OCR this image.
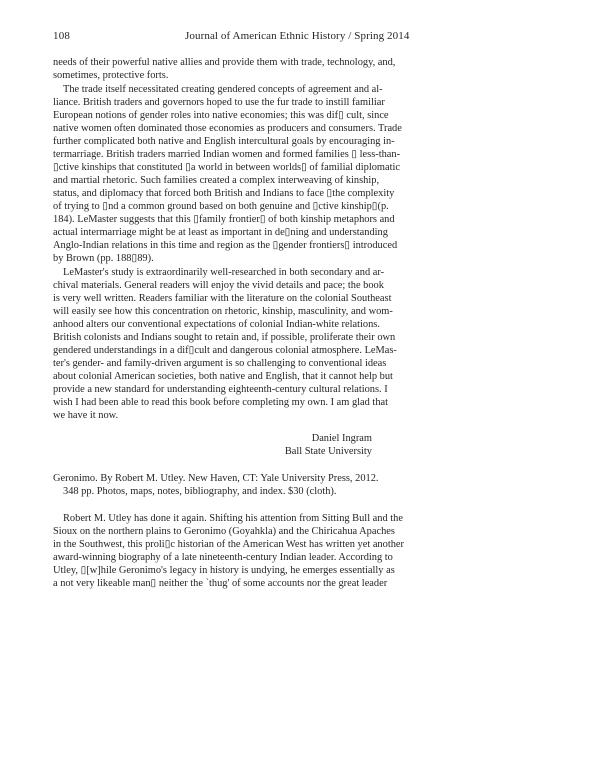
108	Journal of American Ethnic History / Spring 2014
needs of their powerful native allies and provide them with trade, technology, and,
sometimes, protective forts.
The trade itself necessitated creating gendered concepts of agreement and al-
liance. British traders and governors hoped to use the fur trade to instill familiar
European notions of gender roles into native economies; this was dif▯ cult, since
native women often dominated those economies as producers and consumers. Trade
further complicated both native and English intercultural goals by encouraging in-
termarriage. British traders married Indian women and formed families ▯ less-than-
▯ctive kinships that constituted ▯a world in between worlds▯ of familial diplomatic
and martial rhetoric. Such families created a complex interweaving of kinship,
status, and diplomacy that forced both British and Indians to face ▯the complexity
of trying to ▯nd a common ground based on both genuine and ▯ctive kinship▯(p.
184). LeMaster suggests that this ▯family frontier▯ of both kinship metaphors and
actual intermarriage might be at least as important in de▯ning and understanding
Anglo-Indian relations in this time and region as the ▯gender frontiers▯ introduced
by Brown (pp. 188▯89).
LeMaster's study is extraordinarily well-researched in both secondary and ar-
chival materials. General readers will enjoy the vivid details and pace; the book
is very well written. Readers familiar with the literature on the colonial Southeast
will easily see how this concentration on rhetoric, kinship, masculinity, and wom-
anhood alters our conventional expectations of colonial Indian-white relations.
British colonists and Indians sought to retain and, if possible, proliferate their own
gendered understandings in a dif▯cult and dangerous colonial atmosphere. LeMas-
ter's gender- and family-driven argument is so challenging to conventional ideas
about colonial American societies, both native and English, that it cannot help but
provide a new standard for understanding eighteenth-century cultural relations. I
wish I had been able to read this book before completing my own. I am glad that
we have it now.
Daniel Ingram
Ball State University
Geronimo. By Robert M. Utley. New Haven, CT: Yale University Press, 2012.
348 pp. Photos, maps, notes, bibliography, and index. $30 (cloth).
Robert M. Utley has done it again. Shifting his attention from Sitting Bull and the
Sioux on the northern plains to Geronimo (Goyahkla) and the Chiricahua Apaches
in the Southwest, this proli▯c historian of the American West has written yet another
award-winning biography of a late nineteenth-century Indian leader. According to
Utley, ▯[w]hile Geronimo's legacy in history is undying, he emerges essentially as
a not very likeable man▯ neither the `thug' of some accounts nor the great leader
